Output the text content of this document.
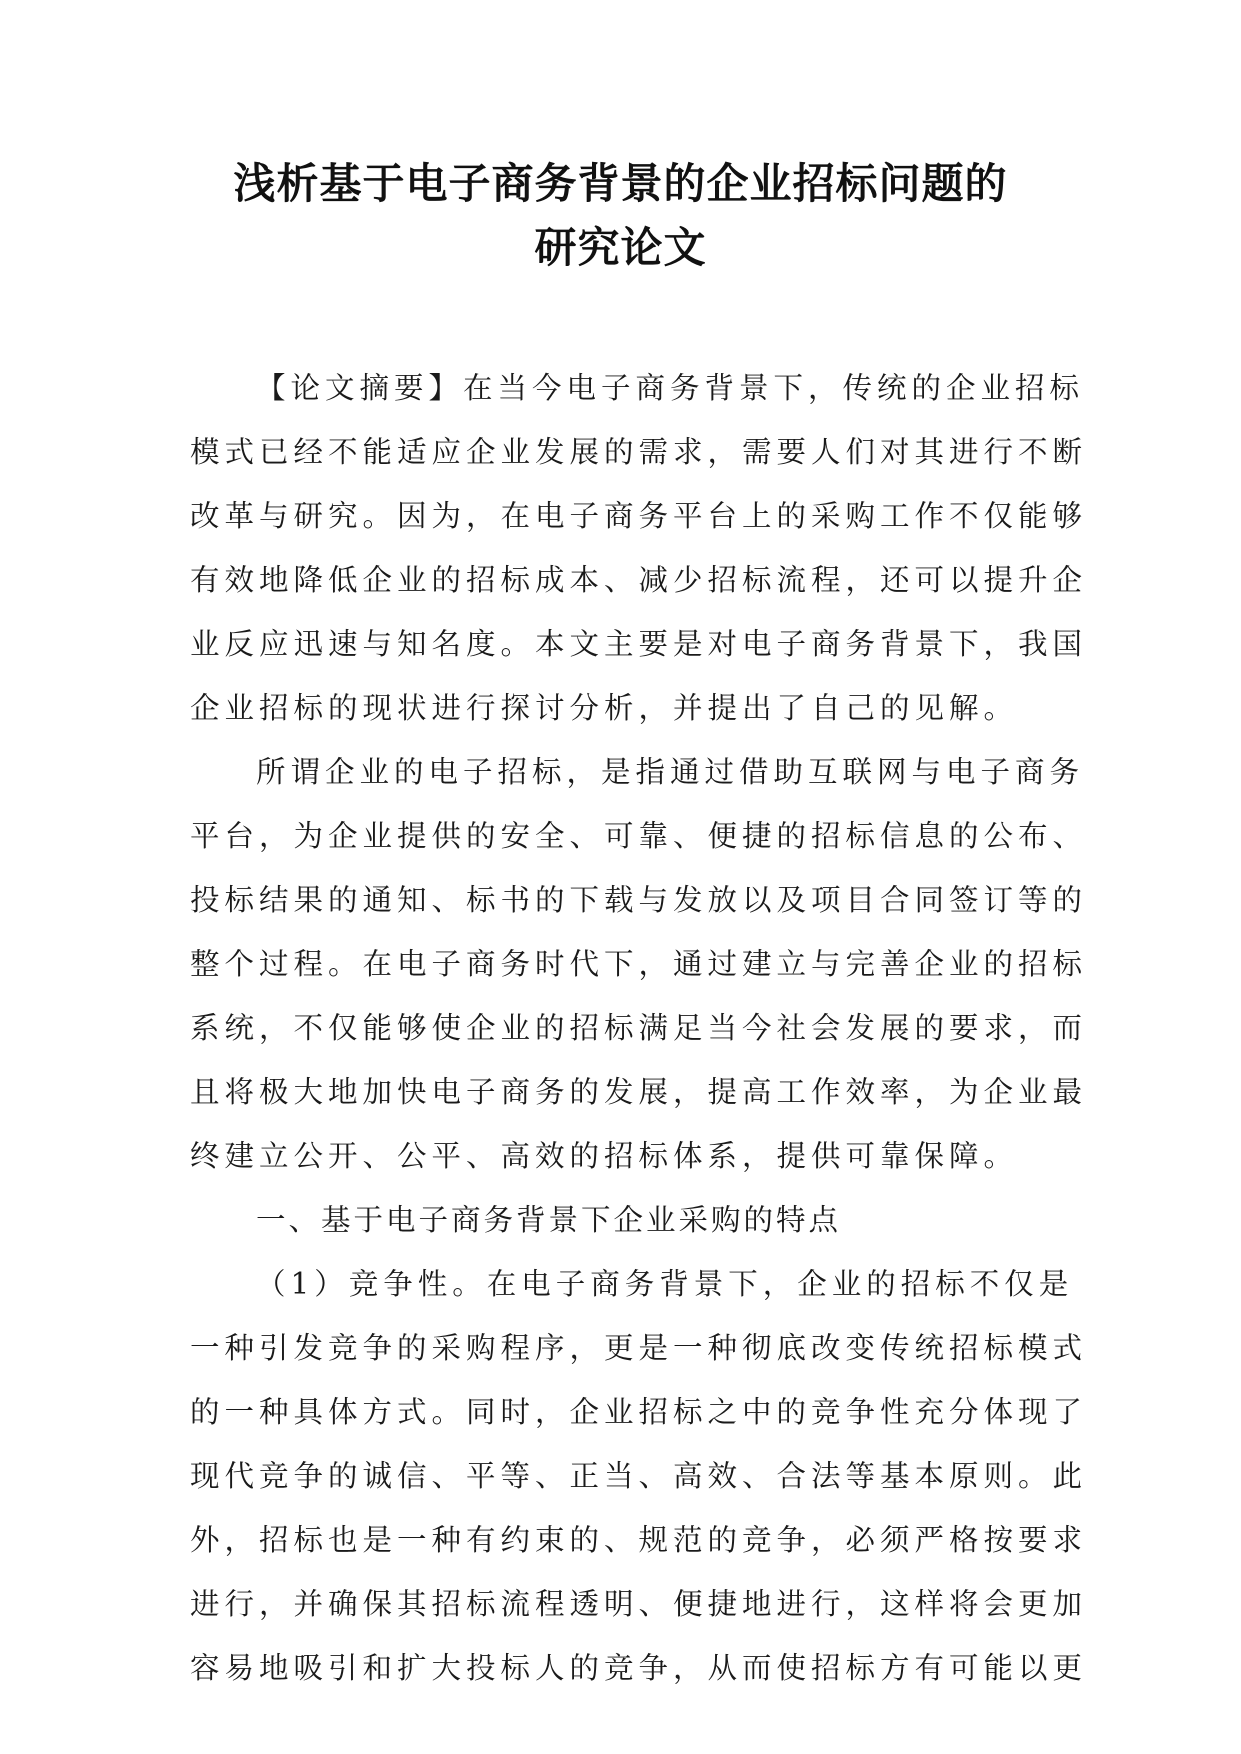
浅析基于电子商务背景的企业招标问题的
研究论文
【论文摘要】在当今电子商务背景下，传统的企业招标
模式已经不能适应企业发展的需求，需要人们对其进行不断
改革与研究。因为，在电子商务平台上的采购工作不仅能够
有效地降低企业的招标成本、减少招标流程，还可以提升企
业反应迅速与知名度。本文主要是对电子商务背景下，我国
企业招标的现状进行探讨分析，并提出了自己的见解。
所谓企业的电子招标，是指通过借助互联网与电子商务
平台，为企业提供的安全、可靠、便捷的招标信息的公布、
投标结果的通知、标书的下载与发放以及项目合同签订等的
整个过程。在电子商务时代下，通过建立与完善企业的招标
系统，不仅能够使企业的招标满足当今社会发展的要求，而
且将极大地加快电子商务的发展，提高工作效率，为企业最
终建立公开、公平、高效的招标体系，提供可靠保障。
一、基于电子商务背景下企业采购的特点
（1）竞争性。在电子商务背景下，企业的招标不仅是
一种引发竞争的采购程序，更是一种彻底改变传统招标模式
的一种具体方式。同时，企业招标之中的竞争性充分体现了
现代竞争的诚信、平等、正当、高效、合法等基本原则。此
外，招标也是一种有约束的、规范的竞争，必须严格按要求
进行，并确保其招标流程透明、便捷地进行，这样将会更加
容易地吸引和扩大投标人的竞争，从而使招标方有可能以更
